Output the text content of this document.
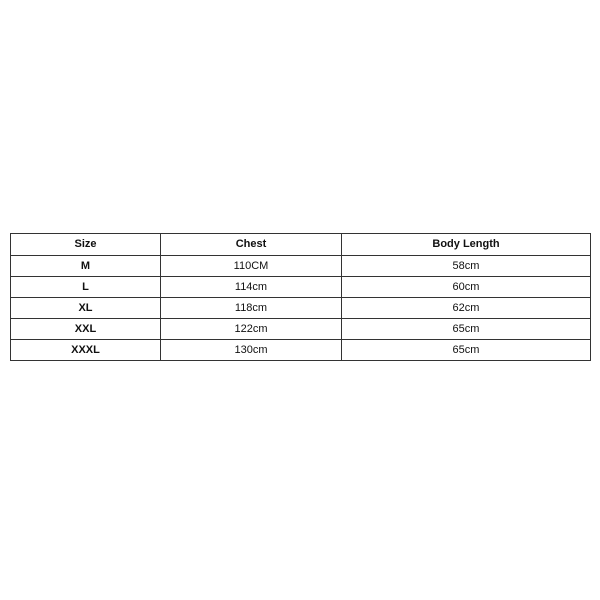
Size	Chest	Body Length
M	110CM	58cm
L	114cm	60cm
XL	118cm	62cm
XXL	122cm	65cm
XXXL	130cm	65cm
